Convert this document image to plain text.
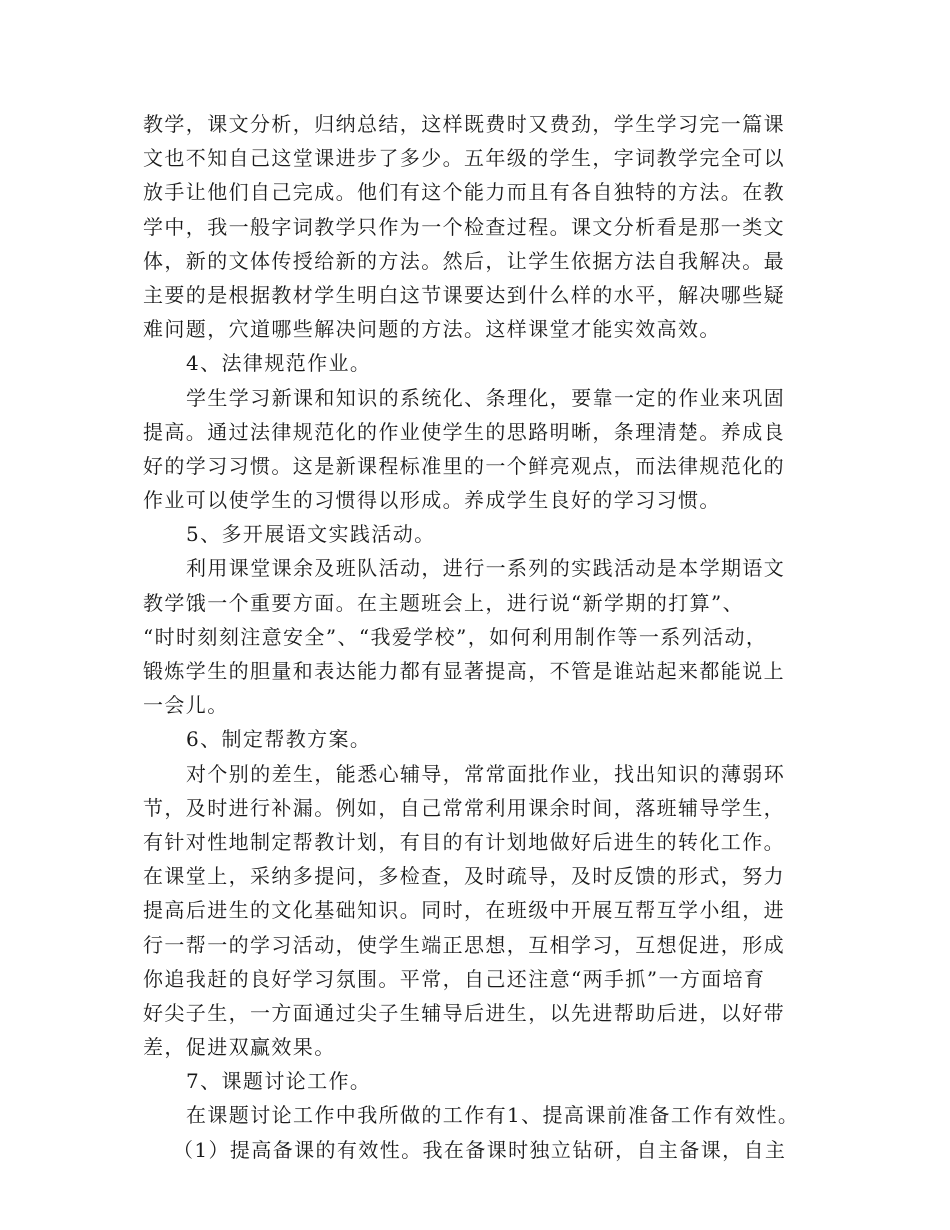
教学，课文分析，归纳总结，这样既费时又费劲，学生学习完一篇课
文也不知自己这堂课进步了多少。五年级的学生，字词教学完全可以
放手让他们自己完成。他们有这个能力而且有各自独特的方法。在教
学中，我一般字词教学只作为一个检查过程。课文分析看是那一类文
体，新的文体传授给新的方法。然后，让学生依据方法自我解决。最
主要的是根据教材学生明白这节课要达到什么样的水平，解决哪些疑
难问题，穴道哪些解决问题的方法。这样课堂才能实效高效。
4、法律规范作业。
学生学习新课和知识的系统化、条理化，要靠一定的作业来巩固
提高。通过法律规范化的作业使学生的思路明晰，条理清楚。养成良
好的学习习惯。这是新课程标准里的一个鲜亮观点，而法律规范化的
作业可以使学生的习惯得以形成。养成学生良好的学习习惯。
5、多开展语文实践活动。
利用课堂课余及班队活动，进行一系列的实践活动是本学期语文
教学饿一个重要方面。在主题班会上，进行说“新学期的打算”、
“时时刻刻注意安全”、“我爱学校”，如何利用制作等一系列活动，
锻炼学生的胆量和表达能力都有显著提高，不管是谁站起来都能说上
一会儿。
6、制定帮教方案。
对个别的差生，能悉心辅导，常常面批作业，找出知识的薄弱环
节，及时进行补漏。例如，自己常常利用课余时间，落班辅导学生，
有针对性地制定帮教计划，有目的有计划地做好后进生的转化工作。
在课堂上，采纳多提问，多检查，及时疏导，及时反馈的形式，努力
提高后进生的文化基础知识。同时，在班级中开展互帮互学小组，进
行一帮一的学习活动，使学生端正思想，互相学习，互想促进，形成
你追我赶的良好学习氛围。平常，自己还注意“两手抓”一方面培育
好尖子生，一方面通过尖子生辅导后进生，以先进帮助后进，以好带
差，促进双赢效果。
7、课题讨论工作。
在课题讨论工作中我所做的工作有1、提高课前准备工作有效性。
（1）提高备课的有效性。我在备课时独立钻研，自主备课，自主
